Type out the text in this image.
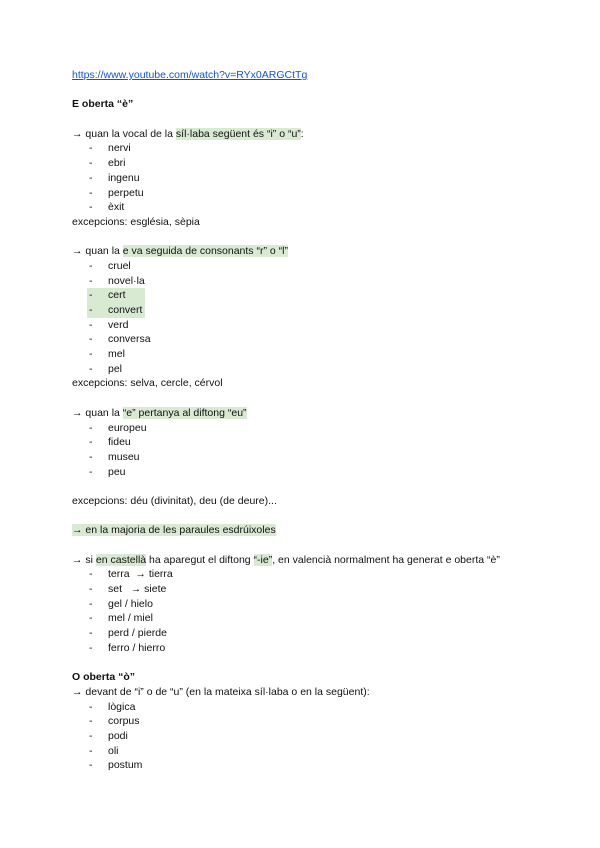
https://www.youtube.com/watch?v=RYx0ARGCtTg
E oberta “è”
→ quan la vocal de la síl·laba següent és “i” o “u”:
- nervi
- ebri
- ingenu
- perpetu
- èxit
excepcions: església, sèpia
→ quan la e va seguida de consonants “r” o “l”
- cruel
- novel·la
- cert
- convert
- verd
- conversa
- mel
- pel
excepcions: selva, cercle, cérvol
→ quan la “e” pertanya al diftong “eu”
- europeu
- fideu
- museu
- peu
excepcions: déu (divinitat), deu (de deure)...
→ en la majoria de les paraules esdrúixoles
→ si en castellà ha aparegut el diftong “-ie”, en valencià normalment ha generat e oberta “è”
- terra  → tierra
- set   → siete
- gel / hielo
- mel / miel
- perd / pierde
- ferro / hierro
O oberta “ò”
→ devant de “i” o de “u” (en la mateixa síl·laba o en la següent):
- lògica
- corpus
- podi
- oli
- postum
